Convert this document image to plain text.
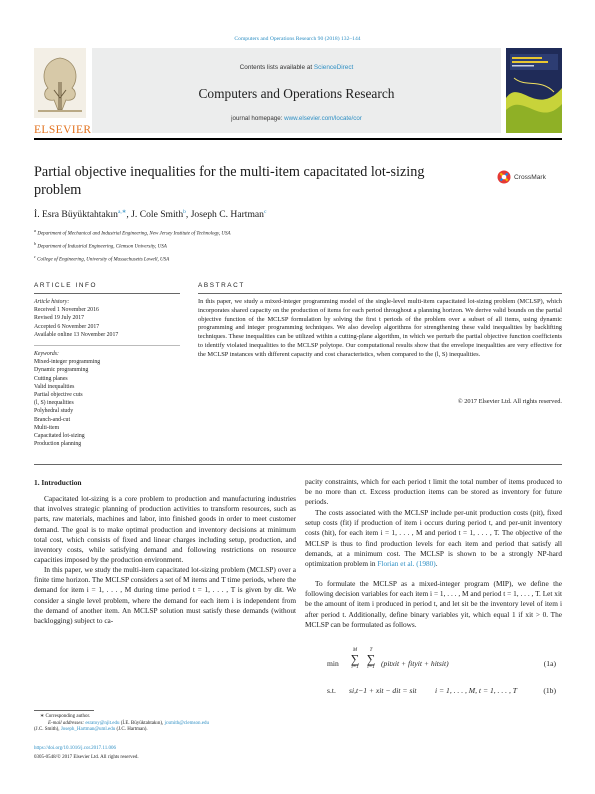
Computers and Operations Research 90 (2018) 132–144
ELSEVIER
Contents lists available at ScienceDirect
Computers and Operations Research
journal homepage: www.elsevier.com/locate/cor
Partial objective inequalities for the multi-item capacitated lot-sizing
problem
CrossMark
İ. Esra Büyüktahtakın$^{a,∗}$, J. Cole Smith$^b$, Joseph C. Hartman$^c$
$^a$ Department of Mechanical and Industrial Engineering, New Jersey Institute of Technology, USA
$^b$ Department of Industrial Engineering, Clemson University, USA
$^c$ College of Engineering, University of Massachusetts Lowell, USA
ARTICLE INFO
Article history:
Received 1 November 2016
Revised 19 July 2017
Accepted 6 November 2017
Available online 13 November 2017
Keywords:
Mixed-integer programming
Dynamic programming
Cutting planes
Valid inequalities
Partial objective cuts
(l, S) inequalities
Polyhedral study
Branch-and-cut
Multi-item
Capacitated lot-sizing
Production planning
ABSTRACT
In this paper, we study a mixed-integer programming model of the single-level multi-item capacitated lot-sizing problem (MCLSP), which incorporates shared capacity on the production of items for each period throughout a planning horizon. We derive valid bounds on the partial objective function of the MCLSP formulation by solving the first t periods of the problem over a subset of all items, using dynamic programming and integer programming techniques. We also develop algorithms for strengthening these valid inequalities by backlifting techniques. These inequalities can be utilized within a cutting-plane algorithm, in which we perturb the partial objective function coefficients to identify violated inequalities to the MCLSP polytope. Our computational results show that the envelope inequalities are very effective for the MCLSP instances with different capacity and cost characteristics, when compared to the (l, S) inequalities.
© 2017 Elsevier Ltd. All rights reserved.
1. Introduction
Capacitated lot-sizing is a core problem to production and manufacturing industries that involves strategic planning of production activities to transform resources, such as parts, raw materials, machines and labor, into finished goods in order to meet customer demand. The goal is to make optimal production and inventory decisions at minimum total cost, which consists of fixed and linear charges including setup, production, and inventory costs, while satisfying demand and following restrictions on resource capacities imposed by the production environment.
In this paper, we study the multi-item capacitated lot-sizing problem (MCLSP) over a finite time horizon. The MCLSP considers a set of M items and T time periods, where the demand for item i = 1, . . . , M during time period t = 1, . . . , T is given by dit. We consider a single level problem, where the demand for each item i is independent from the demand of another item. An MCLSP solution must satisfy these demands (without backlogging) subject to ca-
∗ Corresponding author.
E-mail addresses: esratoy@njit.edu (İ.E. Büyüktahtakın), jcsmith@clemson.edu
(J.C. Smith), Joseph_Hartman@uml.edu (J.C. Hartman).
https://doi.org/10.1016/j.cor.2017.11.006
0305-0548/© 2017 Elsevier Ltd. All rights reserved.
pacity constraints, which for each period t limit the total number of items produced to be no more than ct. Excess production items can be stored as inventory for future periods.
The costs associated with the MCLSP include per-unit production costs (pit), fixed setup costs (fit) if production of item i occurs during period t, and per-unit inventory costs (hit), for each item i = 1, . . . , M and period t = 1, . . . , T. The objective of the MCLSP is thus to find production levels for each item and period that satisfy all demands, at a minimum cost. The MCLSP is shown to be a strongly NP-hard optimization problem in Florian et al. (1980).
To formulate the MCLSP as a mixed-integer program (MIP), we define the following decision variables for each item i = 1, . . . , M and period t = 1, . . . , T. Let xit be the amount of item i produced in period t, and let sit be the inventory level of item i after period t. Additionally, define binary variables yit, which equal 1 if xit > 0. The MCLSP can be formulated as follows.
min
M
∑
i=1
T
∑
t=1 (pitxit + fityit + hitsit)	(1a)
s.t. si,t−1 + xit − dit = sit i = 1, . . . , M, t = 1, . . . , T	(1b)
